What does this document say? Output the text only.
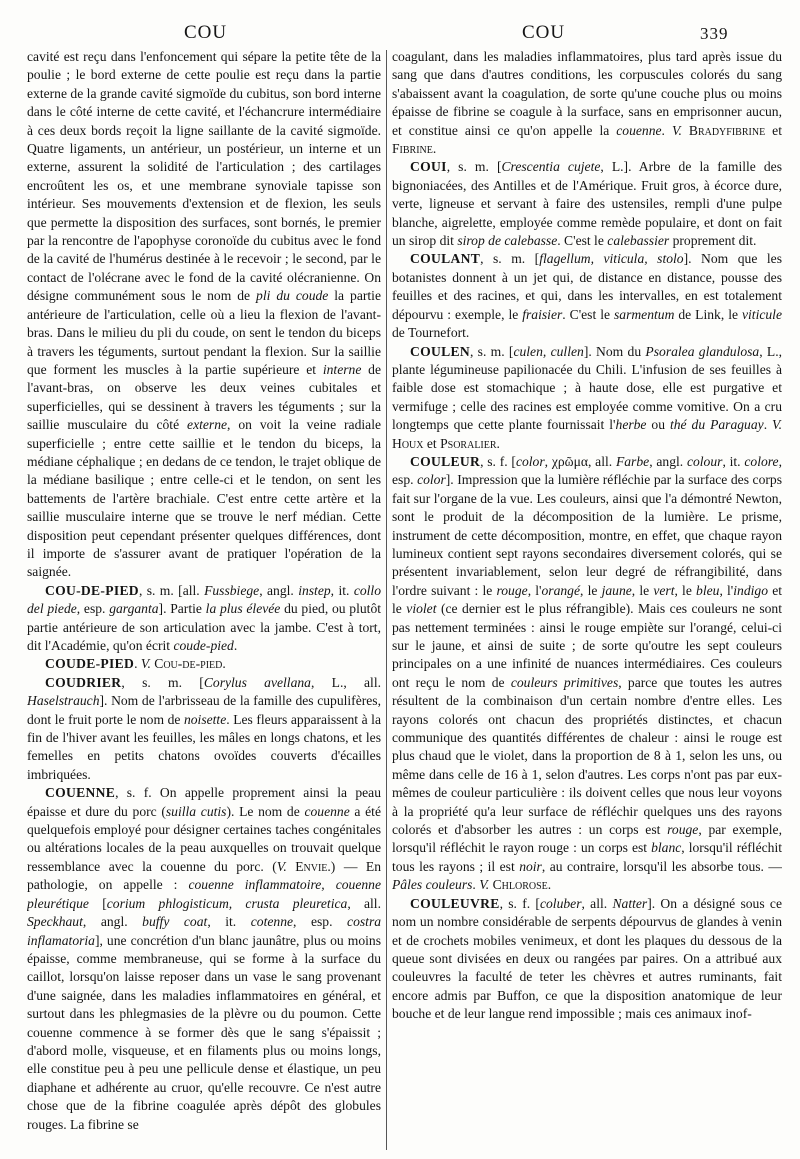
COU	COU	339

cavité est reçu dans l'enfoncement qui sépare la petite tête de la poulie ; le bord externe de cette poulie est reçu dans la partie externe de la grande cavité sigmoïde du cubitus, son bord interne dans le côté interne de cette cavité, et l'échancrure intermédiaire à ces deux bords reçoit la ligne saillante de la cavité sigmoïde. Quatre ligaments, un antérieur, un postérieur, un interne et un externe, assurent la solidité de l'articulation ; des cartilages encroûtent les os, et une membrane synoviale tapisse son intérieur. Ses mouvements d'extension et de flexion, les seuls que permette la disposition des surfaces, sont bornés, le premier par la rencontre de l'apophyse coronoïde du cubitus avec le fond de la cavité de l'humérus destinée à le recevoir ; le second, par le contact de l'olécrane avec le fond de la cavité olécranienne. On désigne communément sous le nom de pli du coude la partie antérieure de l'articulation, celle où a lieu la flexion de l'avant-bras. Dans le milieu du pli du coude, on sent le tendon du biceps à travers les téguments, surtout pendant la flexion. Sur la saillie que forment les muscles à la partie supérieure et interne de l'avant-bras, on observe les deux veines cubitales et superficielles, qui se dessinent à travers les téguments ; sur la saillie musculaire du côté externe, on voit la veine radiale superficielle ; entre cette saillie et le tendon du biceps, la médiane céphalique ; en dedans de ce tendon, le trajet oblique de la médiane basilique ; entre celle-ci et le tendon, on sent les battements de l'artère brachiale. C'est entre cette artère et la saillie musculaire interne que se trouve le nerf médian. Cette disposition peut cependant présenter quelques différences, dont il importe de s'assurer avant de pratiquer l'opération de la saignée.

COU-DE-PIED, s. m. [all. Fussbiege, angl. instep, it. collo del piede, esp. garganta]. Partie la plus élevée du pied, ou plutôt partie antérieure de son articulation avec la jambe. C'est à tort, dit l'Académie, qu'on écrit coude-pied.

COUDE-PIED. V. Cou-de-pied.

COUDRIER, s. m. [Corylus avellana, L., all. Haselstrauch]. Nom de l'arbrisseau de la famille des cupulifères, dont le fruit porte le nom de noisette. Les fleurs apparaissent à la fin de l'hiver avant les feuilles, les mâles en longs chatons, et les femelles en petits chatons ovoïdes couverts d'écailles imbriquées.

COUENNE, s. f. On appelle proprement ainsi la peau épaisse et dure du porc (suilla cutis). Le nom de couenne a été quelquefois employé pour désigner certaines taches congénitales ou altérations locales de la peau auxquelles on trouvait quelque ressemblance avec la couenne du porc. (V. Envie.) — En pathologie, on appelle : couenne inflammatoire, couenne pleurétique [corium phlogisticum, crusta pleuretica, all. Speckhaut, angl. buffy coat, it. cotenne, esp. costra inflamatoria], une concrétion d'un blanc jaunâtre, plus ou moins épaisse, comme membraneuse, qui se forme à la surface du caillot, lorsqu'on laisse reposer dans un vase le sang provenant d'une saignée, dans les maladies inflammatoires en général, et surtout dans les phlegmasies de la plèvre ou du poumon. Cette couenne commence à se former dès que le sang s'épaissit ; d'abord molle, visqueuse, et en filaments plus ou moins longs, elle constitue peu à peu une pellicule dense et élastique, un peu diaphane et adhérente au cruor, qu'elle recouvre. Ce n'est autre chose que de la fibrine coagulée après dépôt des globules rouges. La fibrine se

coagulant, dans les maladies inflammatoires, plus tard après issue du sang que dans d'autres conditions, les corpuscules colorés du sang s'abaissent avant la coagulation, de sorte qu'une couche plus ou moins épaisse de fibrine se coagule à la surface, sans en emprisonner aucun, et constitue ainsi ce qu'on appelle la couenne. V. Bradyfibrine et Fibrine.

COUI, s. m. [Crescentia cujete, L.]. Arbre de la famille des bignoniacées, des Antilles et de l'Amérique. Fruit gros, à écorce dure, verte, ligneuse et servant à faire des ustensiles, rempli d'une pulpe blanche, aigrelette, employée comme remède populaire, et dont on fait un sirop dit sirop de calebasse. C'est le calebassier proprement dit.

COULANT, s. m. [flagellum, viticula, stolo]. Nom que les botanistes donnent à un jet qui, de distance en distance, pousse des feuilles et des racines, et qui, dans les intervalles, en est totalement dépourvu : exemple, le fraisier. C'est le sarmentum de Link, le viticule de Tournefort.

COULEN, s. m. [culen, cullen]. Nom du Psoralea glandulosa, L., plante légumineuse papilionacée du Chili. L'infusion de ses feuilles à faible dose est stomachique ; à haute dose, elle est purgative et vermifuge ; celle des racines est employée comme vomitive. On a cru longtemps que cette plante fournissait l'herbe ou thé du Paraguay. V. Houx et Psoralier.

COULEUR, s. f. [color, χρῶμα, all. Farbe, angl. colour, it. colore, esp. color]. Impression que la lumière réfléchie par la surface des corps fait sur l'organe de la vue. Les couleurs, ainsi que l'a démontré Newton, sont le produit de la décomposition de la lumière. Le prisme, instrument de cette décomposition, montre, en effet, que chaque rayon lumineux contient sept rayons secondaires diversement colorés, qui se présentent invariablement, selon leur degré de réfrangibilité, dans l'ordre suivant : le rouge, l'orangé, le jaune, le vert, le bleu, l'indigo et le violet (ce dernier est le plus réfrangible). Mais ces couleurs ne sont pas nettement terminées : ainsi le rouge empiète sur l'orangé, celui-ci sur le jaune, et ainsi de suite ; de sorte qu'outre les sept couleurs principales on a une infinité de nuances intermédiaires. Ces couleurs ont reçu le nom de couleurs primitives, parce que toutes les autres résultent de la combinaison d'un certain nombre d'entre elles. Les rayons colorés ont chacun des propriétés distinctes, et chacun communique des quantités différentes de chaleur : ainsi le rouge est plus chaud que le violet, dans la proportion de 8 à 1, selon les uns, ou même dans celle de 16 à 1, selon d'autres. Les corps n'ont pas par eux-mêmes de couleur particulière : ils doivent celles que nous leur voyons à la propriété qu'a leur surface de réfléchir quelques uns des rayons colorés et d'absorber les autres : un corps est rouge, par exemple, lorsqu'il réfléchit le rayon rouge : un corps est blanc, lorsqu'il réfléchit tous les rayons ; il est noir, au contraire, lorsqu'il les absorbe tous. — Pâles couleurs. V. Chlorose.

COULEUVRE, s. f. [coluber, all. Natter]. On a désigné sous ce nom un nombre considérable de serpents dépourvus de glandes à venin et de crochets mobiles venimeux, et dont les plaques du dessous de la queue sont divisées en deux ou rangées par paires. On a attribué aux couleuvres la faculté de teter les chèvres et autres ruminants, fait encore admis par Buffon, ce que la disposition anatomique de leur bouche et de leur langue rend impossible ; mais ces animaux inof-
